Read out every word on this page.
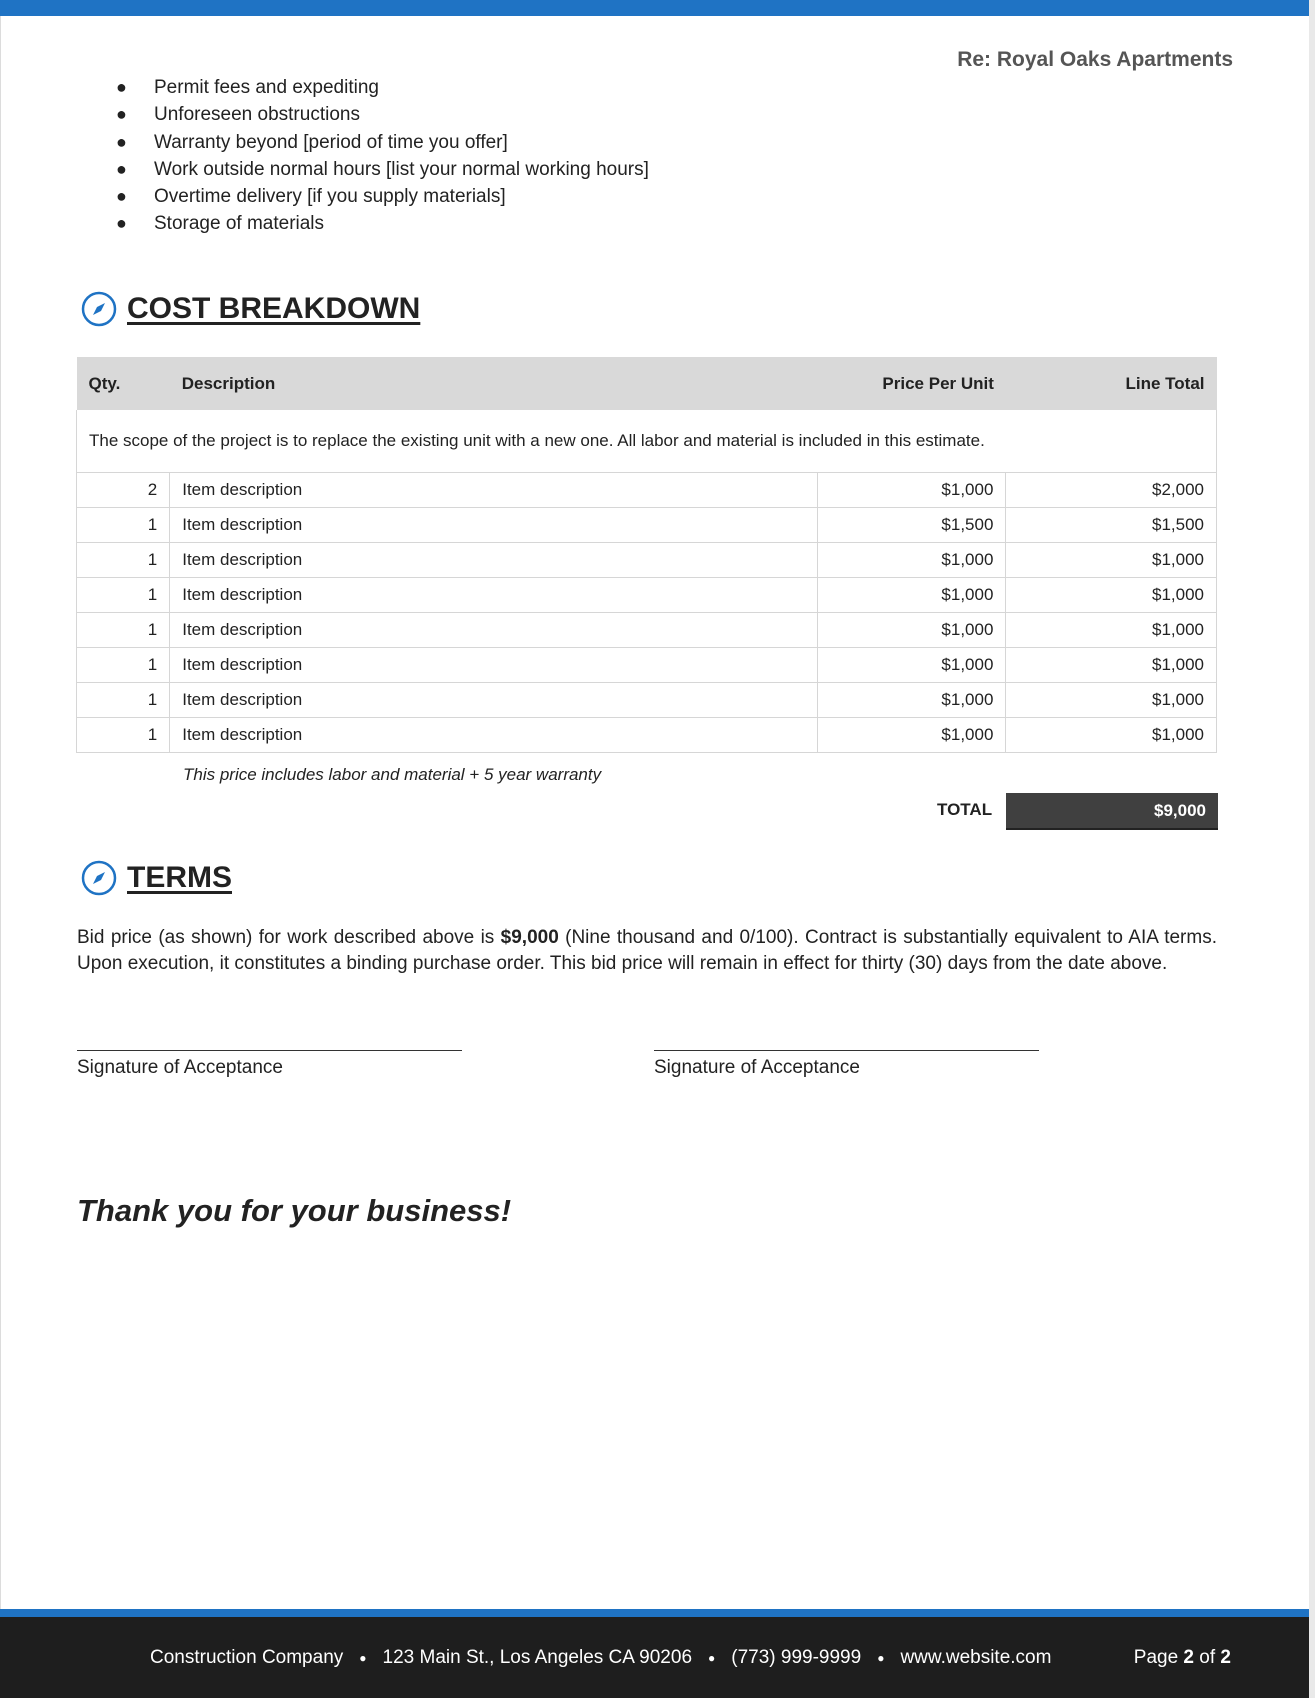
Re: Royal Oaks Apartments
● Permit fees and expediting
● Unforeseen obstructions
● Warranty beyond [period of time you offer]
● Work outside normal hours [list your normal working hours]
● Overtime delivery [if you supply materials]
● Storage of materials
COST BREAKDOWN
Qty.	Description	Price Per Unit	Line Total
The scope of the project is to replace the existing unit with a new one. All labor and material is included in this estimate.			
2	Item description	$1,000	$2,000
1	Item description	$1,500	$1,500
1	Item description	$1,000	$1,000
1	Item description	$1,000	$1,000
1	Item description	$1,000	$1,000
1	Item description	$1,000	$1,000
1	Item description	$1,000	$1,000
1	Item description	$1,000	$1,000
This price includes labor and material + 5 year warranty
TOTAL	$9,000
TERMS
Bid price (as shown) for work described above is $9,000 (Nine thousand and 0/100). Contract is substantially equivalent to AIA terms. Upon execution, it constitutes a binding purchase order. This bid price will remain in effect for thirty (30) days from the date above.
Signature of Acceptance	Signature of Acceptance
Thank you for your business!
Construction Company ● 123 Main St., Los Angeles CA 90206 ● (773) 999-9999 ● www.website.com	Page 2 of 2
